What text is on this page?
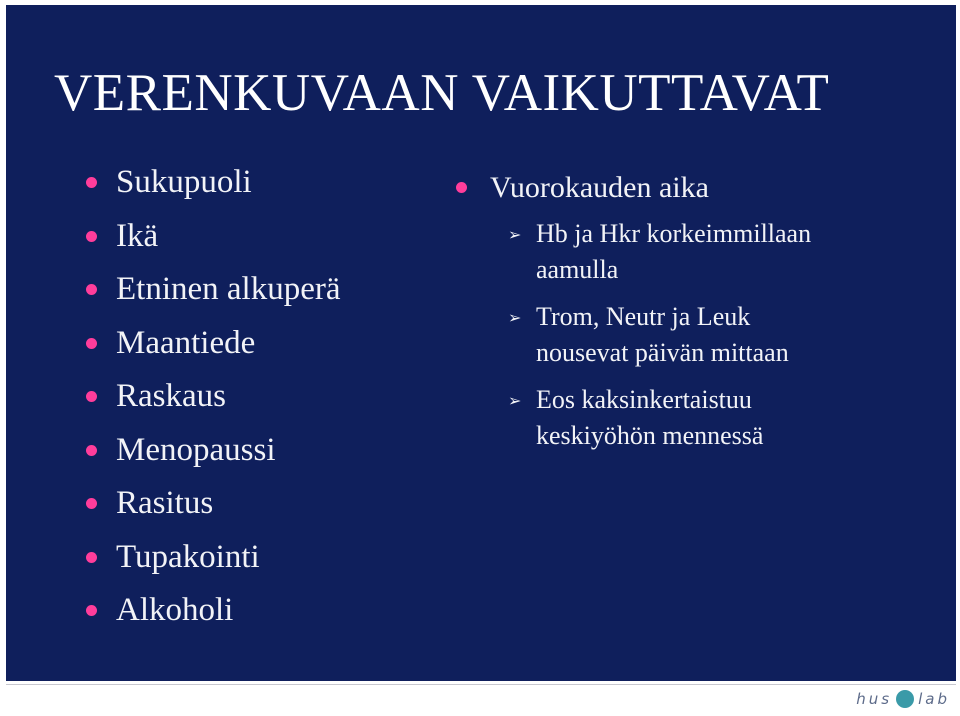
VERENKUVAAN VAIKUTTAVAT
Sukupuoli
Ikä
Etninen alkuperä
Maantiede
Raskaus
Menopaussi
Rasitus
Tupakointi
Alkoholi
Vuorokauden aika
➢ Hb ja Hkr korkeimmillaan
aamulla
➢ Trom, Neutr ja Leuk
nousevat päivän mittaan
➢ Eos kaksinkertaistuu
keskiyöhön mennessä
hus lab
